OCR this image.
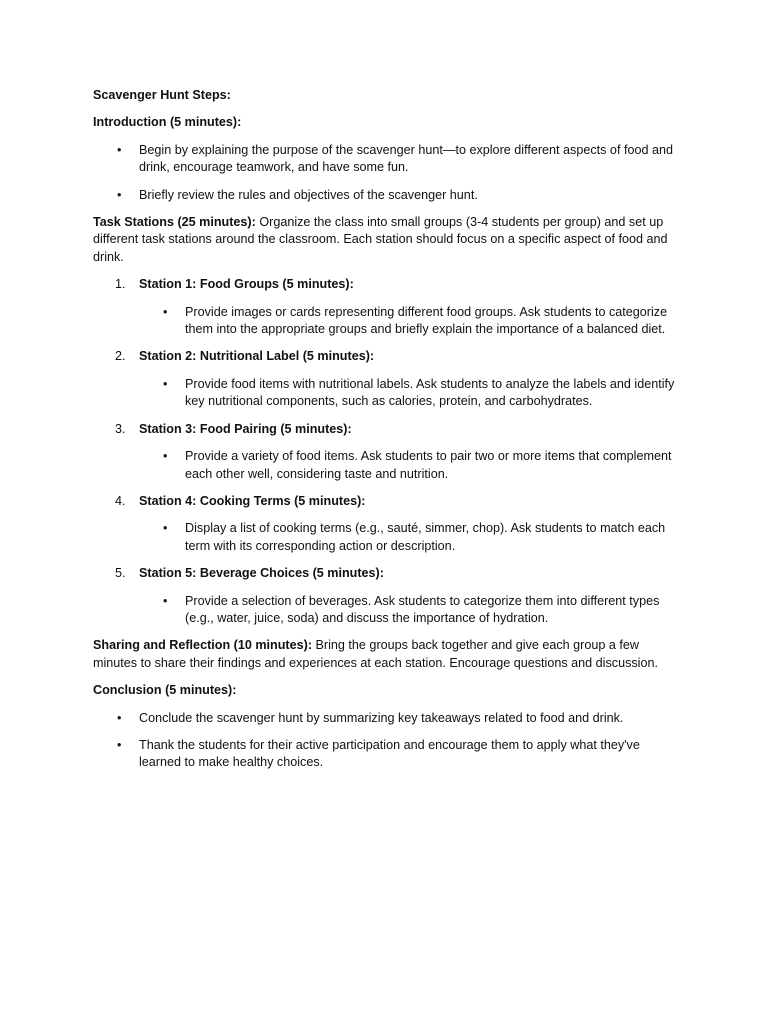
Scavenger Hunt Steps:

Introduction (5 minutes):

• Begin by explaining the purpose of the scavenger hunt—to explore different aspects of food and drink, encourage teamwork, and have some fun.
• Briefly review the rules and objectives of the scavenger hunt.

Task Stations (25 minutes): Organize the class into small groups (3-4 students per group) and set up different task stations around the classroom. Each station should focus on a specific aspect of food and drink.

1. Station 1: Food Groups (5 minutes):
• Provide images or cards representing different food groups. Ask students to categorize them into the appropriate groups and briefly explain the importance of a balanced diet.
2. Station 2: Nutritional Label (5 minutes):
• Provide food items with nutritional labels. Ask students to analyze the labels and identify key nutritional components, such as calories, protein, and carbohydrates.
3. Station 3: Food Pairing (5 minutes):
• Provide a variety of food items. Ask students to pair two or more items that complement each other well, considering taste and nutrition.
4. Station 4: Cooking Terms (5 minutes):
• Display a list of cooking terms (e.g., sauté, simmer, chop). Ask students to match each term with its corresponding action or description.
5. Station 5: Beverage Choices (5 minutes):
• Provide a selection of beverages. Ask students to categorize them into different types (e.g., water, juice, soda) and discuss the importance of hydration.

Sharing and Reflection (10 minutes): Bring the groups back together and give each group a few minutes to share their findings and experiences at each station. Encourage questions and discussion.

Conclusion (5 minutes):

• Conclude the scavenger hunt by summarizing key takeaways related to food and drink.
• Thank the students for their active participation and encourage them to apply what they've learned to make healthy choices.
